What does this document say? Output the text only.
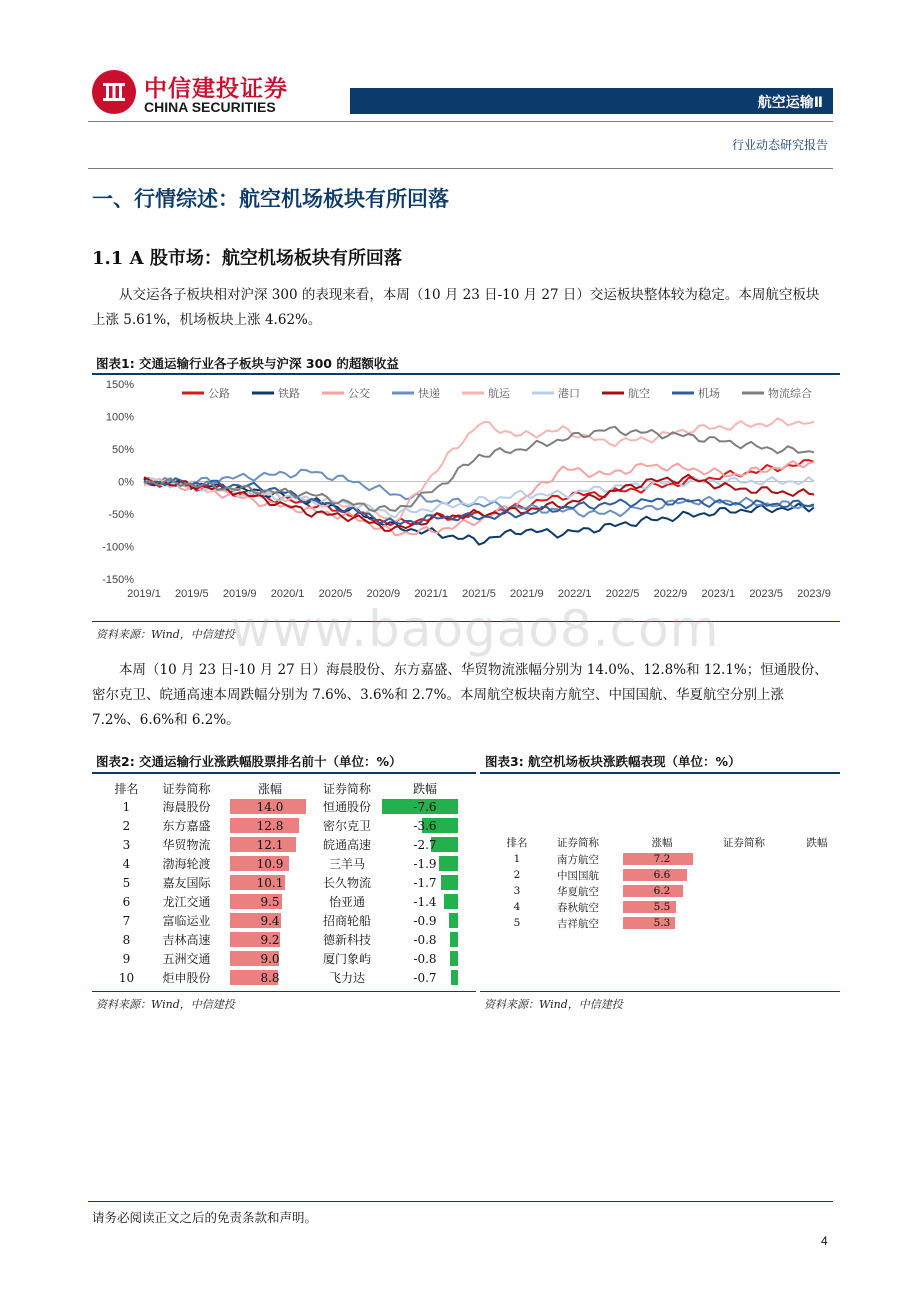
中信建投证券
CHINA SECURITIES	航空运输Ⅱ
行业动态研究报告
一、行情综述：航空机场板块有所回落
1.1 A 股市场：航空机场板块有所回落
从交运各子板块相对沪深 300 的表现来看，本周（10 月 23 日-10 月 27 日）交运板块整体较为稳定。本周航空板块上涨 5.61%，机场板块上涨 4.62%。
图表1: 交通运输行业各子板块与沪深 300 的超额收益
150%
100%
50%
0%
-50%
-100%
-150%
2019/1 2019/5 2019/9 2020/1 2020/5 2020/9 2021/1 2021/5 2021/9 2022/1 2022/5 2022/9 2023/1 2023/5 2023/9
公路	铁路	公交	快递	航运	港口	航空	机场	物流综合
资料来源：Wind，中信建投
www.baogao8.com
本周（10 月 23 日-10 月 27 日）海晨股份、东方嘉盛、华贸物流涨幅分别为 14.0%、12.8%和 12.1%；恒通股份、密尔克卫、皖通高速本周跌幅分别为 7.6%、3.6%和 2.7%。本周航空板块南方航空、中国国航、华夏航空分别上涨 7.2%、6.6%和 6.2%。
图表2: 交通运输行业涨跌幅股票排名前十（单位：%）
排名	证券简称	涨幅	证券简称	跌幅
1	海晨股份	14.0	恒通股份	-7.6
2	东方嘉盛	12.8	密尔克卫	-3.6
3	华贸物流	12.1	皖通高速	-2.7
4	渤海轮渡	10.9	三羊马	-1.9
5	嘉友国际	10.1	长久物流	-1.7
6	龙江交通	9.5	怡亚通	-1.4
7	富临运业	9.4	招商轮船	-0.9
8	吉林高速	9.2	德新科技	-0.8
9	五洲交通	9.0	厦门象屿	-0.8
10	炬申股份	8.8	飞力达	-0.7
资料来源：Wind，中信建投
图表3: 航空机场板块涨跌幅表现（单位：%）
排名	证券简称	涨幅	证券简称	跌幅
1	南方航空	7.2		
2	中国国航	6.6		
3	华夏航空	6.2		
4	春秋航空	5.5		
5	吉祥航空	5.3		
资料来源：Wind，中信建投
请务必阅读正文之后的免责条款和声明。
4
